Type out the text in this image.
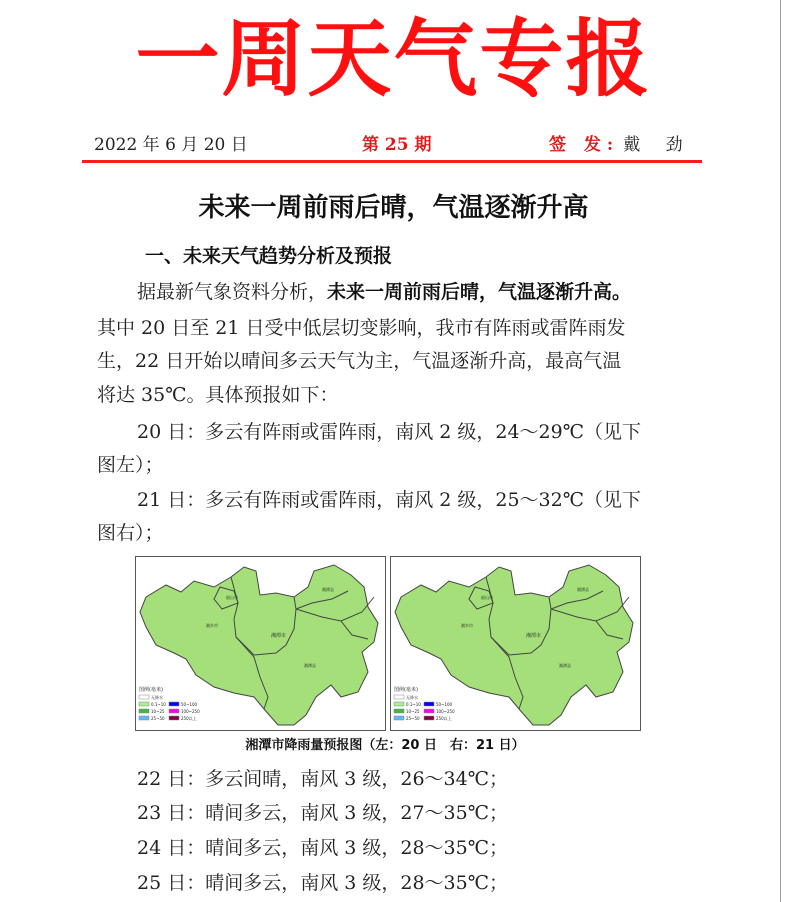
一周天气专报
2022 年 6 月 20 日	第 25 期	签 发: 戴 劲
未来一周前雨后晴，气温逐渐升高
一、未来天气趋势分析及预报

据最新气象资料分析，未来一周前雨后晴，气温逐渐升高。

其中 20 日至 21 日受中低层切变影响，我市有阵雨或雷阵雨发

生，22 日开始以晴间多云天气为主，气温逐渐升高，最高气温

将达 35℃。具体预报如下：

20 日：多云有阵雨或雷阵雨，南风 2 级，24～29℃（见下

图左）；

21 日：多云有阵雨或雷阵雨，南风 2 级，25～32℃（见下

图右）；

韶山市
湘乡市
湘潭市
湘潭县
湘潭县
图例(毫米)
无降水
0.1~10
10~25
25~50
50~100
100~250
250以上
韶山市
湘乡市
湘潭市
湘潭县
湘潭县
图例(毫米)
无降水
0.1~10
10~25
25~50
50~100
100~250
250以上
湘潭市降雨量预报图（左：20 日　右：21 日）
22 日：多云间晴，南风 3 级，26～34℃；
23 日：晴间多云，南风 3 级，27～35℃；
24 日：晴间多云，南风 3 级，28～35℃；
25 日：晴间多云，南风 3 级，28～35℃；
